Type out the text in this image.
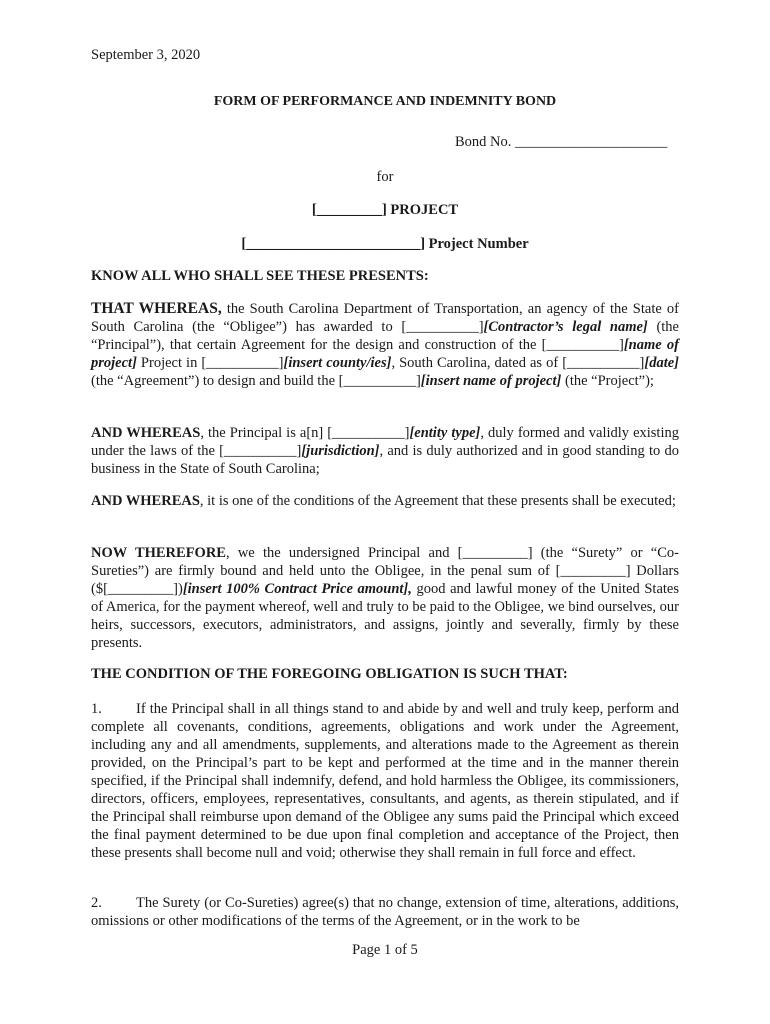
September 3, 2020
FORM OF PERFORMANCE AND INDEMNITY BOND
Bond No. _____________________
for
[_________] PROJECT
[________________________] Project Number
KNOW ALL WHO SHALL SEE THESE PRESENTS:
THAT WHEREAS, the South Carolina Department of Transportation, an agency of the State of South Carolina (the “Obligee”) has awarded to [__________][Contractor’s legal name] (the “Principal”), that certain Agreement for the design and construction of the [__________][name of project] Project in [__________][insert county/ies], South Carolina, dated as of [__________][date] (the “Agreement”) to design and build the [__________][insert name of project] (the “Project”);
AND WHEREAS, the Principal is a[n] [__________][entity type], duly formed and validly existing under the laws of the [__________][jurisdiction], and is duly authorized and in good standing to do business in the State of South Carolina;
AND WHEREAS, it is one of the conditions of the Agreement that these presents shall be executed;
NOW THEREFORE, we the undersigned Principal and [_________] (the “Surety” or “Co-Sureties”) are firmly bound and held unto the Obligee, in the penal sum of [_________] Dollars ($[_________])[insert 100% Contract Price amount], good and lawful money of the United States of America, for the payment whereof, well and truly to be paid to the Obligee, we bind ourselves, our heirs, successors, executors, administrators, and assigns, jointly and severally, firmly by these presents.
THE CONDITION OF THE FOREGOING OBLIGATION IS SUCH THAT:
1. If the Principal shall in all things stand to and abide by and well and truly keep, perform and complete all covenants, conditions, agreements, obligations and work under the Agreement, including any and all amendments, supplements, and alterations made to the Agreement as therein provided, on the Principal’s part to be kept and performed at the time and in the manner therein specified, if the Principal shall indemnify, defend, and hold harmless the Obligee, its commissioners, directors, officers, employees, representatives, consultants, and agents, as therein stipulated, and if the Principal shall reimburse upon demand of the Obligee any sums paid the Principal which exceed the final payment determined to be due upon final completion and acceptance of the Project, then these presents shall become null and void; otherwise they shall remain in full force and effect.
2. The Surety (or Co-Sureties) agree(s) that no change, extension of time, alterations, additions, omissions or other modifications of the terms of the Agreement, or in the work to be
Page 1 of 5
